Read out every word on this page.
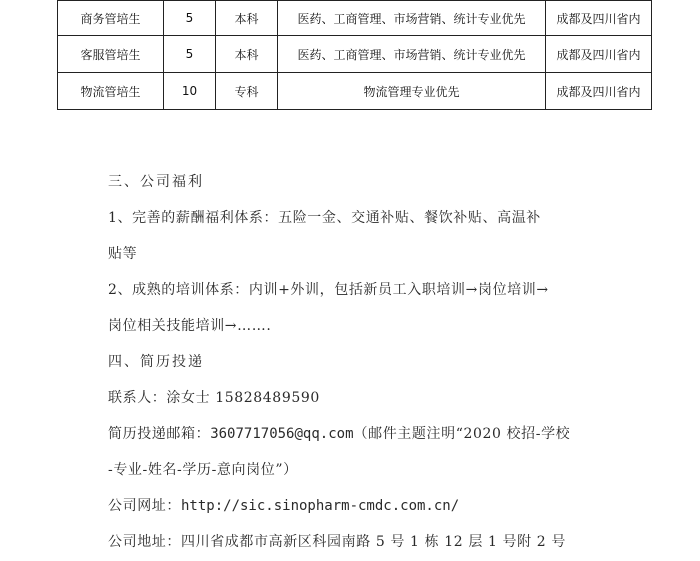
商务管培生	5	本科	医药、工商管理、市场营销、统计专业优先	成都及四川省内
客服管培生	5	本科	医药、工商管理、市场营销、统计专业优先	成都及四川省内
物流管培生	10	专科	物流管理专业优先	成都及四川省内
三、公司福利
1、完善的薪酬福利体系：五险一金、交通补贴、餐饮补贴、高温补
贴等
2、成熟的培训体系：内训+外训，包括新员工入职培训→岗位培训→
岗位相关技能培训→…….
四、简历投递
联系人：涂女士 15828489590
简历投递邮箱：3607717056@qq.com（邮件主题注明“2020 校招-学校
-专业-姓名-学历-意向岗位”）
公司网址：http://sic.sinopharm-cmdc.com.cn/
公司地址：四川省成都市高新区科园南路 5 号 1 栋 12 层 1 号附 2 号
